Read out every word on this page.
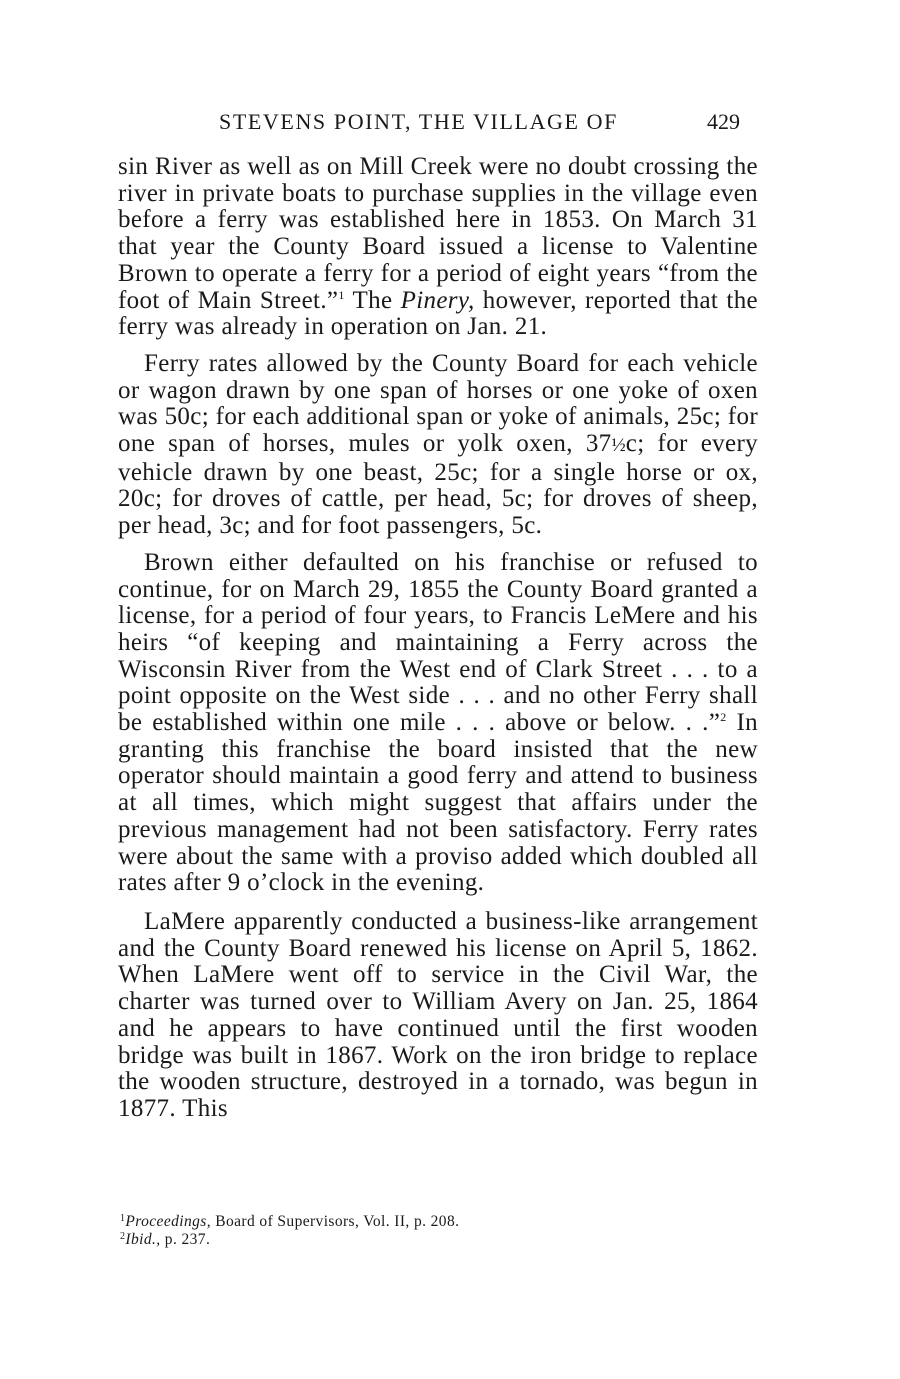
STEVENS POINT, THE VILLAGE OF	429

sin River as well as on Mill Creek were no doubt crossing the river in private boats to purchase supplies in the village even before a ferry was established here in 1853. On March 31 that year the County Board issued a license to Valentine Brown to operate a ferry for a period of eight years “from the foot of Main Street.”$^1$ The Pinery, however, reported that the ferry was already in operation on Jan. 21.

Ferry rates allowed by the County Board for each vehicle or wagon drawn by one span of horses or one yoke of oxen was 50c; for each additional span or yoke of animals, 25c; for one span of horses, mules or yolk oxen, 37½c; for every vehicle drawn by one beast, 25c; for a single horse or ox, 20c; for droves of cattle, per head, 5c; for droves of sheep, per head, 3c; and for foot passengers, 5c.

Brown either defaulted on his franchise or refused to continue, for on March 29, 1855 the County Board granted a license, for a period of four years, to Francis LeMere and his heirs “of keeping and maintaining a Ferry across the Wisconsin River from the West end of Clark Street . . . to a point opposite on the West side . . . and no other Ferry shall be established within one mile . . . above or below. . .”$^2$ In granting this franchise the board insisted that the new operator should maintain a good ferry and attend to business at all times, which might suggest that affairs under the previous management had not been satisfactory. Ferry rates were about the same with a proviso added which doubled all rates after 9 o’clock in the evening.

LaMere apparently conducted a business-like arrangement and the County Board renewed his license on April 5, 1862. When LaMere went off to service in the Civil War, the charter was turned over to William Avery on Jan. 25, 1864 and he appears to have continued until the first wooden bridge was built in 1867. Work on the iron bridge to replace the wooden structure, destroyed in a tornado, was begun in 1877. This

$^1$Proceedings, Board of Supervisors, Vol. II, p. 208.

$^2$Ibid., p. 237.
